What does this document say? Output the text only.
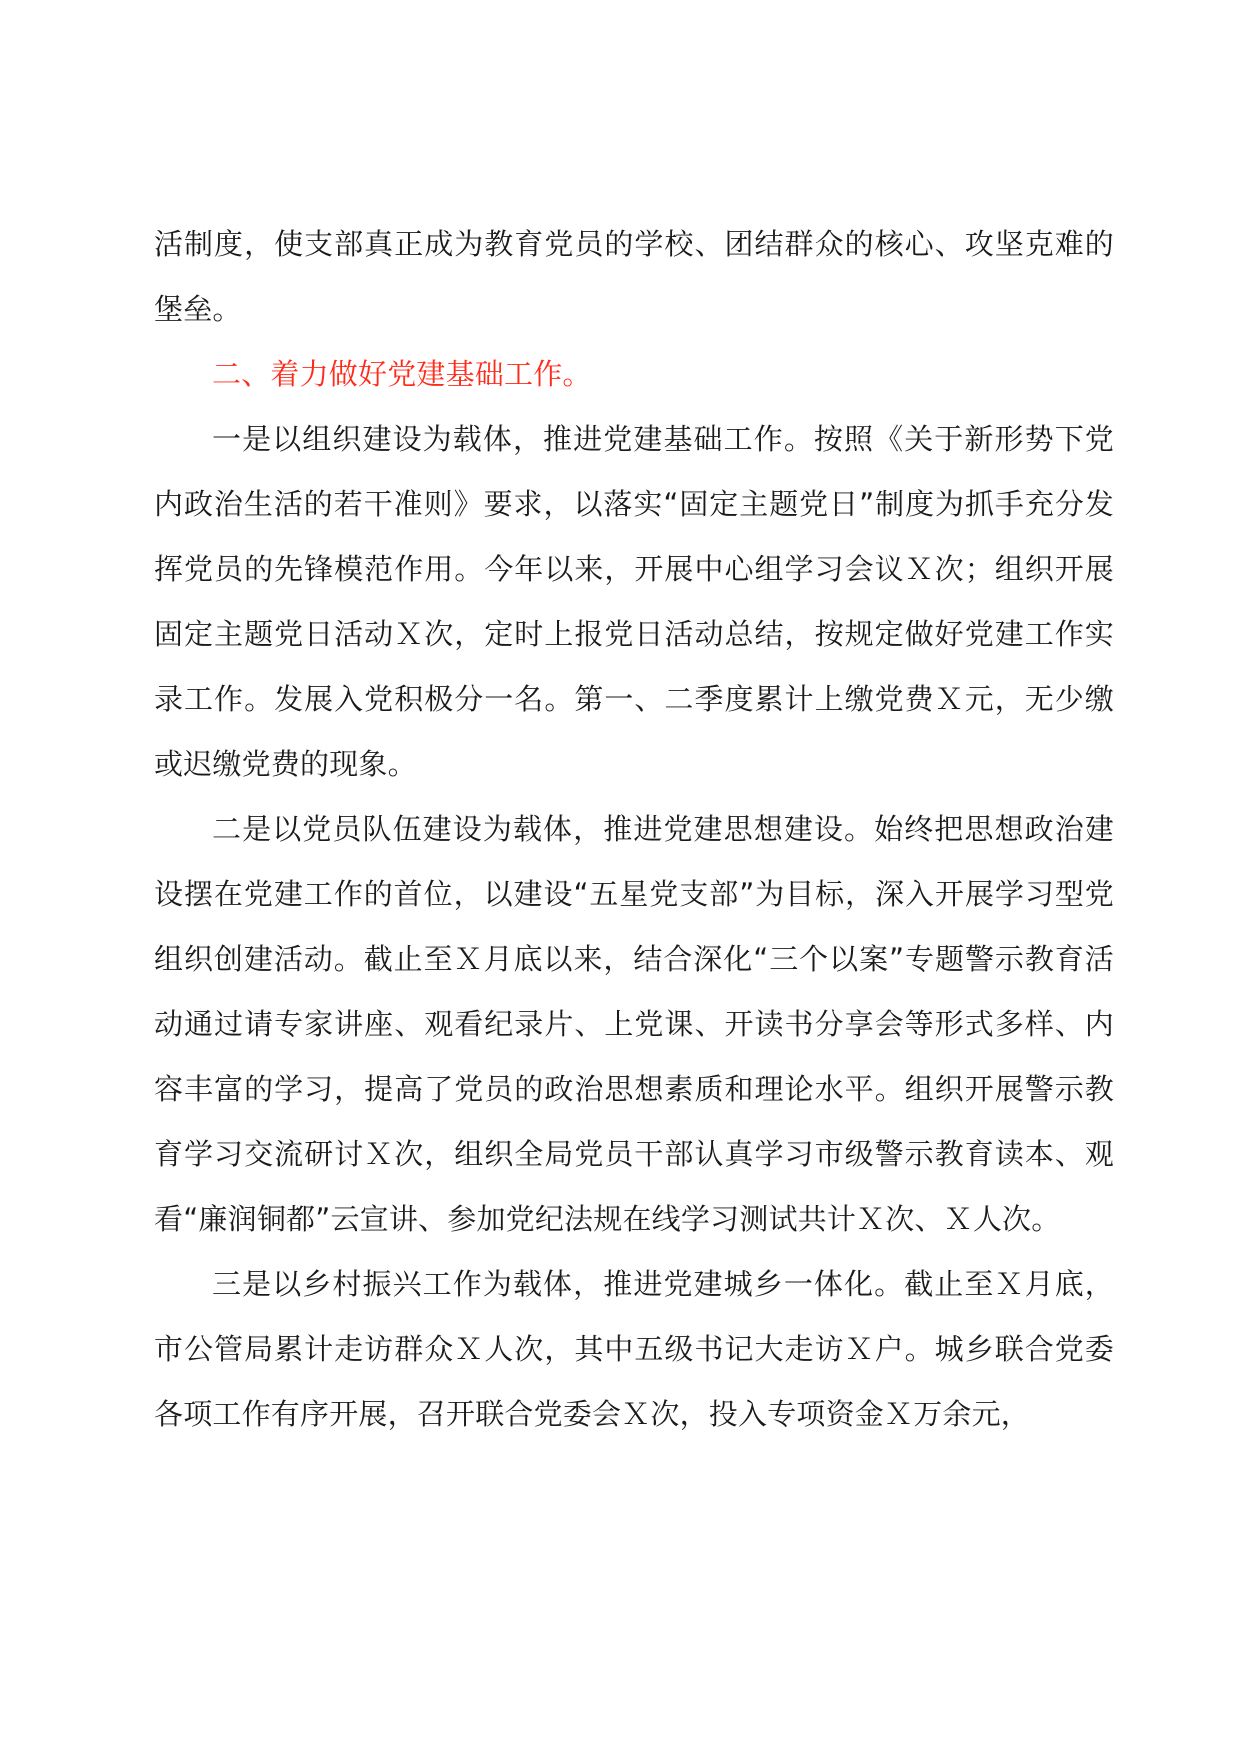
活制度，使支部真正成为教育党员的学校、团结群众的核心、攻坚克难的堡垒。

二、着力做好党建基础工作。

一是以组织建设为载体，推进党建基础工作。按照《关于新形势下党内政治生活的若干准则》要求，以落实“固定主题党日”制度为抓手充分发挥党员的先锋模范作用。今年以来，开展中心组学习会议Ｘ次；组织开展固定主题党日活动Ｘ次，定时上报党日活动总结，按规定做好党建工作实录工作。发展入党积极分一名。第一、二季度累计上缴党费Ｘ元，无少缴或迟缴党费的现象。

二是以党员队伍建设为载体，推进党建思想建设。始终把思想政治建设摆在党建工作的首位，以建设“五星党支部”为目标，深入开展学习型党组织创建活动。截止至Ｘ月底以来，结合深化“三个以案”专题警示教育活动通过请专家讲座、观看纪录片、上党课、开读书分享会等形式多样、内容丰富的学习，提高了党员的政治思想素质和理论水平。组织开展警示教育学习交流研讨Ｘ次，组织全局党员干部认真学习市级警示教育读本、观看“廉润铜都”云宣讲、参加党纪法规在线学习测试共计Ｘ次、Ｘ人次。

三是以乡村振兴工作为载体，推进党建城乡一体化。截止至Ｘ月底，市公管局累计走访群众Ｘ人次，其中五级书记大走访Ｘ户。城乡联合党委各项工作有序开展，召开联合党委会Ｘ次，投入专项资金Ｘ万余元，
